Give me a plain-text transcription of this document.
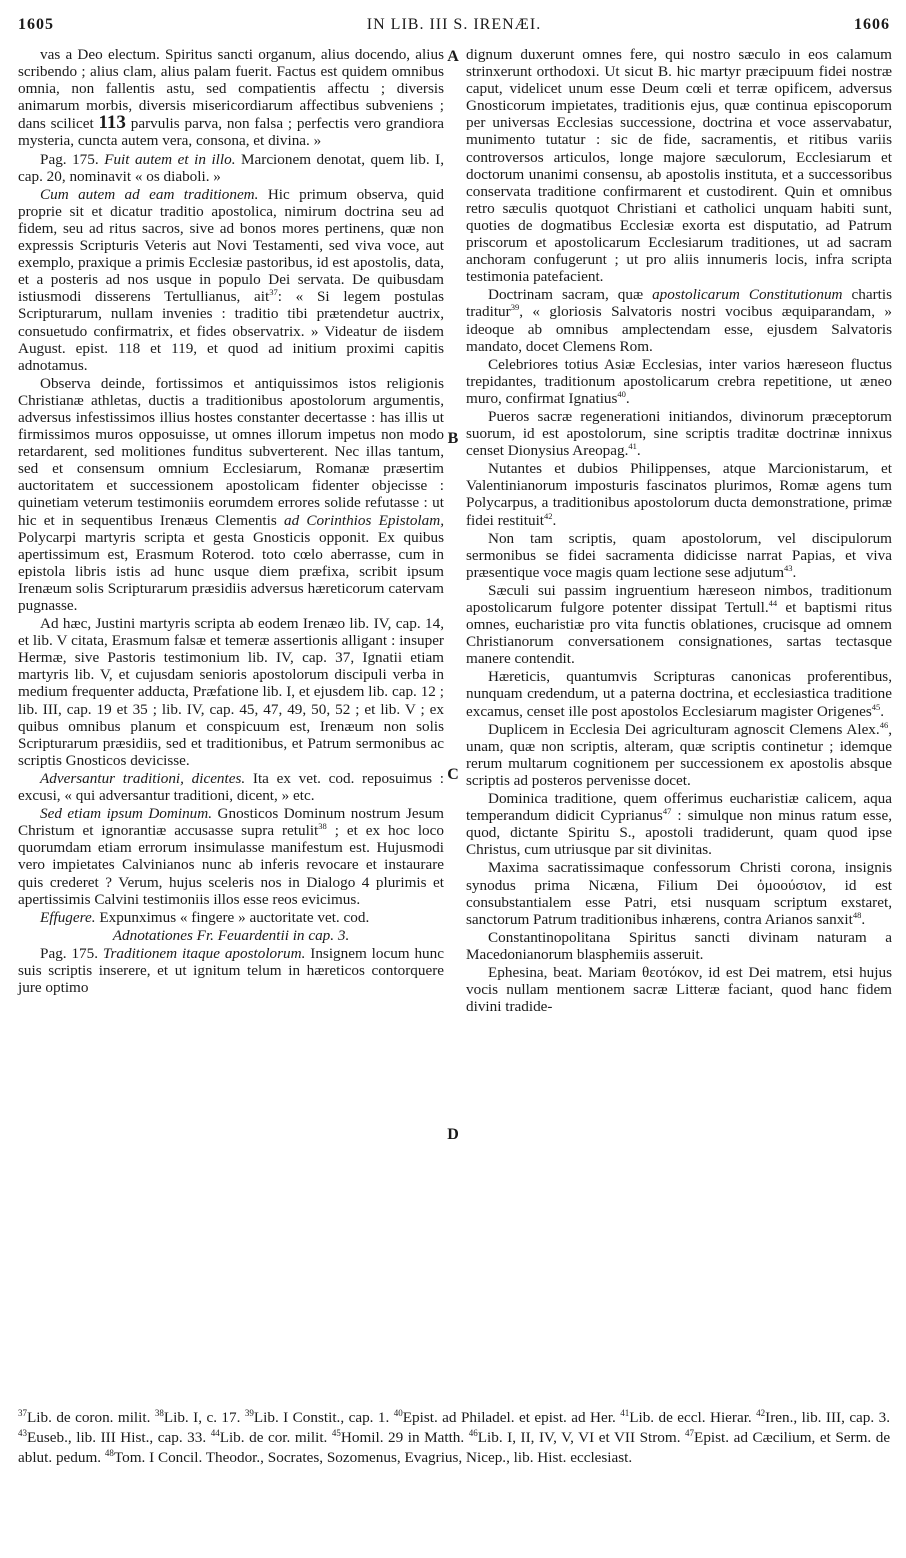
1605	IN LIB. III S. IRENÆI.	1606

vas a Deo electum. Spiritus sancti organum, alius docendo, alius scribendo ; alius clam, alius palam fuerit. Factus est quidem omnibus omnia, non fallentis astu, sed compatientis affectu ; diversis animarum morbis, diversis misericordiarum affectibus subveniens ; dans scilicet 113 parvulis parva, non falsa ; perfectis vero grandiora mysteria, cuncta autem vera, consona, et divina. »

Pag. 175. Fuit autem et in illo. Marcionem denotat, quem lib. I, cap. 20, nominavit « os diaboli. »

Cum autem ad eam traditionem. Hic primum observa, quid proprie sit et dicatur traditio apostolica, nimirum doctrina seu ad fidem, seu ad ritus sacros, sive ad bonos mores pertinens, quæ non expressis Scripturis Veteris aut Novi Testamenti, sed viva voce, aut exemplo, praxique a primis Ecclesiæ pastoribus, id est apostolis, data, et a posteris ad nos usque in populo Dei servata. De quibusdam istiusmodi disserens Tertullianus, ait$^{37}$: « Si legem postulas Scripturarum, nullam invenies : traditio tibi prætendetur auctrix, consuetudo confirmatrix, et fides observatrix. » Videatur de iisdem August. epist. 118 et 119, et quod ad initium proximi capitis adnotamus.

Observa deinde, fortissimos et antiquissimos istos religionis Christianæ athletas, ductis a traditionibus apostolorum argumentis, adversus infestissimos illius hostes constanter decertasse : has illis ut firmissimos muros opposuisse, ut omnes illorum impetus non modo retardarent, sed molitiones funditus subverterent. Nec illas tantum, sed et consensum omnium Ecclesiarum, Romanæ præsertim auctoritatem et successionem apostolicam fidenter objecisse : quinetiam veterum testimoniis eorumdem errores solide refutasse : ut hic et in sequentibus Irenæus Clementis ad Corinthios Epistolam, Polycarpi martyris scripta et gesta Gnosticis opponit. Ex quibus apertissimum est, Erasmum Roterod. toto cœlo aberrasse, cum in epistola libris istis ad hunc usque diem præfixa, scribit ipsum Irenæum solis Scripturarum præsidiis adversus hæreticorum catervam pugnasse.

Ad hæc, Justini martyris scripta ab eodem Irenæo lib. IV, cap. 14, et lib. V citata, Erasmum falsæ et temeræ assertionis alligant : insuper Hermæ, sive Pastoris testimonium lib. IV, cap. 37, Ignatii etiam martyris lib. V, et cujusdam senioris apostolorum discipuli verba in medium frequenter adducta, Præfatione lib. I, et ejusdem lib. cap. 12 ; lib. III, cap. 19 et 35 ; lib. IV, cap. 45, 47, 49, 50, 52 ; et lib. V ; ex quibus omnibus planum et conspicuum est, Irenæum non solis Scripturarum præsidiis, sed et traditionibus, et Patrum sermonibus ac scriptis Gnosticos devicisse.

Adversantur traditioni, dicentes. Ita ex vet. cod. reposuimus : excusi, « qui adversantur traditioni, dicent, » etc.

Sed etiam ipsum Dominum. Gnosticos Dominum nostrum Jesum Christum et ignorantiæ accusasse supra retulit$^{38}$ ; et ex hoc loco quorumdam etiam errorum insimulasse manifestum est. Hujusmodi vero impietates Calvinianos nunc ab inferis revocare et instaurare quis crederet ? Verum, hujus sceleris nos in Dialogo 4 plurimis et apertissimis Calvini testimoniis illos esse reos evicimus.

Effugere. Expunximus « fingere » auctoritate vet. cod.

Adnotationes Fr. Feuardentii in cap. 3.

Pag. 175. Traditionem itaque apostolorum. Insignem locum hunc suis scriptis inserere, et ut ignitum telum in hæreticos contorquere jure optimo

dignum duxerunt omnes fere, qui nostro sæculo in eos calamum strinxerunt orthodoxi. Ut sicut B. hic martyr præcipuum fidei nostræ caput, videlicet unum esse Deum cœli et terræ opificem, adversus Gnosticorum impietates, traditionis ejus, quæ continua episcoporum per universas Ecclesias successione, doctrina et voce asservabatur, munimento tutatur : sic de fide, sacramentis, et ritibus variis controversos articulos, longe majore sæculorum, Ecclesiarum et doctorum unanimi consensu, ab apostolis instituta, et a successoribus conservata traditione confirmarent et custodirent. Quin et omnibus retro sæculis quotquot Christiani et catholici unquam habiti sunt, quoties de dogmatibus Ecclesiæ exorta est disputatio, ad Patrum priscorum et apostolicarum Ecclesiarum traditiones, ut ad sacram anchoram confugerunt ; ut pro aliis innumeris locis, infra scripta testimonia patefacient.

Doctrinam sacram, quæ apostolicarum Constitutionum chartis traditur$^{39}$, « gloriosis Salvatoris nostri vocibus æquiparandam, » ideoque ab omnibus amplectendam esse, ejusdem Salvatoris mandato, docet Clemens Rom.

Celebriores totius Asiæ Ecclesias, inter varios hæreseon fluctus trepidantes, traditionum apostolicarum crebra repetitione, ut æneo muro, confirmat Ignatius$^{40}$.

Pueros sacræ regenerationi initiandos, divinorum præceptorum suorum, id est apostolorum, sine scriptis traditæ doctrinæ innixus censet Dionysius Areopag.$^{41}$.

Nutantes et dubios Philippenses, atque Marcionistarum, et Valentinianorum imposturis fascinatos plurimos, Romæ agens tum Polycarpus, a traditionibus apostolorum ducta demonstratione, primæ fidei restituit$^{42}$.

Non tam scriptis, quam apostolorum, vel discipulorum sermonibus se fidei sacramenta didicisse narrat Papias, et viva præsentique voce magis quam lectione sese adjutum$^{43}$.

Sæculi sui passim ingruentium hæreseon nimbos, traditionum apostolicarum fulgore potenter dissipat Tertull.$^{44}$ et baptismi ritus omnes, eucharistiæ pro vita functis oblationes, crucisque ad omnem Christianorum conversationem consignationes, sartas tectasque manere contendit.

Hæreticis, quantumvis Scripturas canonicas proferentibus, nunquam credendum, ut a paterna doctrina, et ecclesiastica traditione excamus, censet ille post apostolos Ecclesiarum magister Origenes$^{45}$.

Duplicem in Ecclesia Dei agriculturam agnoscit Clemens Alex.$^{46}$, unam, quæ non scriptis, alteram, quæ scriptis continetur ; idemque rerum multarum cognitionem per successionem ex apostolis absque scriptis ad posteros pervenisse docet.

Dominica traditione, quem offerimus eucharistiæ calicem, aqua temperandum didicit Cyprianus$^{47}$ : simulque non minus ratum esse, quod, dictante Spiritu S., apostoli tradiderunt, quam quod ipse Christus, cum utriusque par sit divinitas.

Maxima sacratissimaque confessorum Christi corona, insignis synodus prima Nicæna, Filium Dei ὁμοούσιον, id est consubstantialem esse Patri, etsi nusquam scriptum exstaret, sanctorum Patrum traditionibus inhærens, contra Arianos sanxit$^{48}$.

Constantinopolitana Spiritus sancti divinam naturam a Macedonianorum blasphemiis asseruit.

Ephesina, beat. Mariam θεοτόκον, id est Dei matrem, etsi hujus vocis nullam mentionem sacræ Litteræ faciant, quod hanc fidem divini tradide-

A
B
C
D
$^{37}$Lib. de coron. milit. $^{38}$Lib. I, c. 17. $^{39}$Lib. I Constit., cap. 1. $^{40}$Epist. ad Philadel. et epist. ad Her. $^{41}$Lib. de eccl. Hierar. $^{42}$Iren., lib. III, cap. 3. $^{43}$Euseb., lib. III Hist., cap. 33. $^{44}$Lib. de cor. milit. $^{45}$Homil. 29 in Matth. $^{46}$Lib. I, II, IV, V, VI et VII Strom. $^{47}$Epist. ad Cæcilium, et Serm. de ablut. pedum. $^{48}$Tom. I Concil. Theodor., Socrates, Sozomenus, Evagrius, Nicep., lib. Hist. ecclesiast.
